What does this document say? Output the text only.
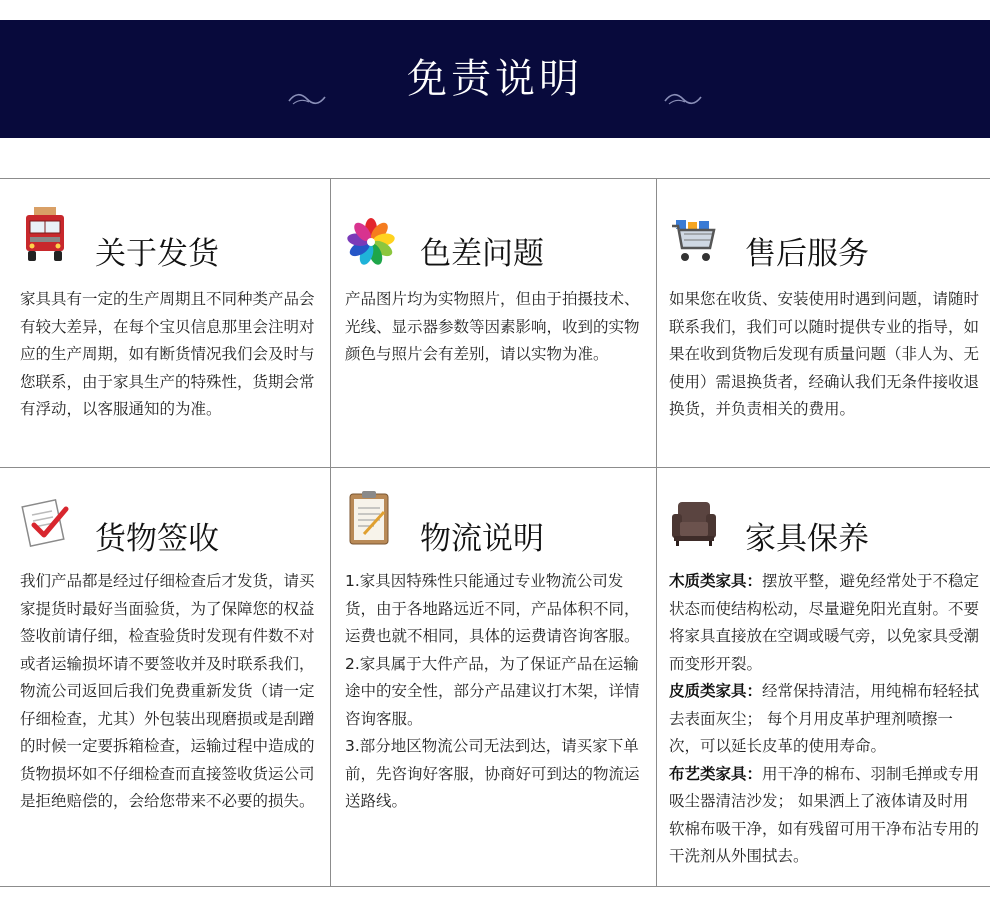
免责说明
关于发货

家具具有一定的生产周期且不同种类产品会有较大差异，在每个宝贝信息那里会注明对应的生产周期，如有断货情况我们会及时与您联系，由于家具生产的特殊性，货期会常有浮动，以客服通知的为准。

色差问题

产品图片均为实物照片，但由于拍摄技术、光线、显示器参数等因素影响，收到的实物颜色与照片会有差别，请以实物为准。

售后服务

如果您在收货、安装使用时遇到问题，请随时联系我们，我们可以随时提供专业的指导，如果在收到货物后发现有质量问题（非人为、无使用）需退换货者，经确认我们无条件接收退换货，并负责相关的费用。

货物签收

我们产品都是经过仔细检查后才发货，请买家提货时最好当面验货，为了保障您的权益签收前请仔细，检查验货时发现有件数不对或者运输损坏请不要签收并及时联系我们，物流公司返回后我们免费重新发货（请一定仔细检查，尤其）外包装出现磨损或是刮蹭的时候一定要拆箱检查，运输过程中造成的货物损坏如不仔细检查而直接签收货运公司是拒绝赔偿的，会给您带来不必要的损失。

物流说明

1.家具因特殊性只能通过专业物流公司发货，由于各地路远近不同，产品体积不同，运费也就不相同，具体的运费请咨询客服。

2.家具属于大件产品，为了保证产品在运输途中的安全性，部分产品建议打木架，详情咨询客服。

3.部分地区物流公司无法到达，请买家下单前，先咨询好客服，协商好可到达的物流运送路线。

家具保养

木质类家具：摆放平整，避免经常处于不稳定状态而使结构松动，尽量避免阳光直射。不要将家具直接放在空调或暖气旁，以免家具受潮而变形开裂。

皮质类家具：经常保持清洁，用纯棉布轻轻拭去表面灰尘； 每个月用皮革护理剂喷擦一次，可以延长皮革的使用寿命。

布艺类家具：用干净的棉布、羽制毛掸或专用吸尘器清洁沙发； 如果洒上了液体请及时用软棉布吸干净，如有残留可用干净布沾专用的干洗剂从外围拭去。
